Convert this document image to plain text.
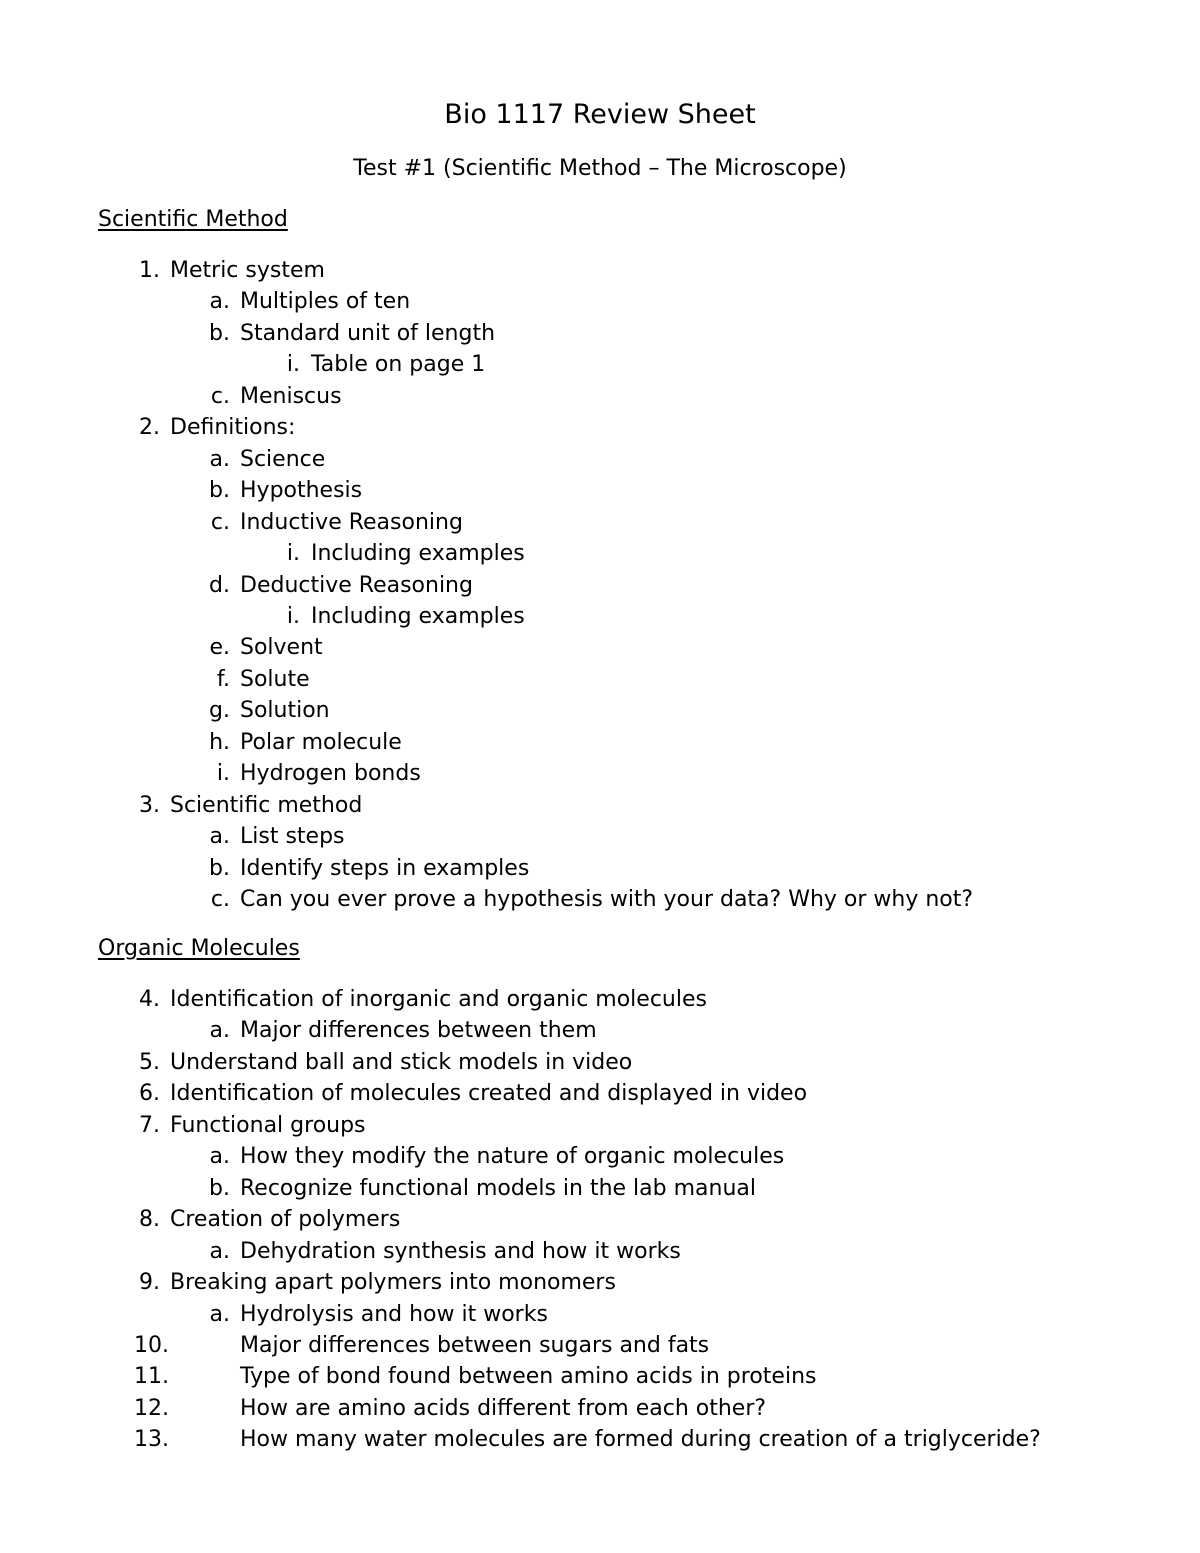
Bio 1117 Review Sheet
Test #1 (Scientific Method – The Microscope)
Scientific Method
1. Metric system
a. Multiples of ten
b. Standard unit of length
i. Table on page 1
c. Meniscus
2. Definitions:
a. Science
b. Hypothesis
c. Inductive Reasoning
i. Including examples
d. Deductive Reasoning
i. Including examples
e. Solvent
f. Solute
g. Solution
h. Polar molecule
i. Hydrogen bonds
3. Scientific method
a. List steps
b. Identify steps in examples
c. Can you ever prove a hypothesis with your data? Why or why not?
Organic Molecules
4. Identification of inorganic and organic molecules
a. Major differences between them
5. Understand ball and stick models in video
6. Identification of molecules created and displayed in video
7. Functional groups
a. How they modify the nature of organic molecules
b. Recognize functional models in the lab manual
8. Creation of polymers
a. Dehydration synthesis and how it works
9. Breaking apart polymers into monomers
a. Hydrolysis and how it works
10.	Major differences between sugars and fats
11.	Type of bond found between amino acids in proteins
12.	How are amino acids different from each other?
13.	How many water molecules are formed during creation of a triglyceride?
